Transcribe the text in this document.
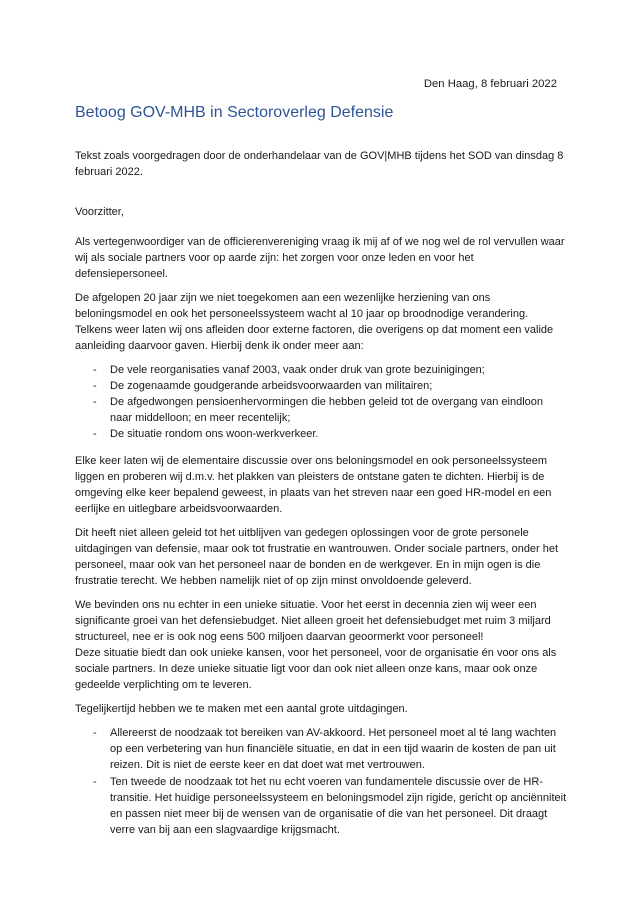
Den Haag, 8 februari 2022
Betoog GOV-MHB in Sectoroverleg Defensie

Tekst zoals voorgedragen door de onderhandelaar van de GOV|MHB tijdens het SOD van dinsdag 8 februari 2022.

Voorzitter,

Als vertegenwoordiger van de officierenvereniging vraag ik mij af of we nog wel de rol vervullen waar wij als sociale partners voor op aarde zijn: het zorgen voor onze leden en voor het defensiepersoneel.

De afgelopen 20 jaar zijn we niet toegekomen aan een wezenlijke herziening van ons beloningsmodel en ook het personeelssysteem wacht al 10 jaar op broodnodige verandering. Telkens weer laten wij ons afleiden door externe factoren, die overigens op dat moment een valide aanleiding daarvoor gaven. Hierbij denk ik onder meer aan:

- De vele reorganisaties vanaf 2003, vaak onder druk van grote bezuinigingen;
- De zogenaamde goudgerande arbeidsvoorwaarden van militairen;
- De afgedwongen pensioenhervormingen die hebben geleid tot de overgang van eindloon naar middelloon; en meer recentelijk;
- De situatie rondom ons woon-werkverkeer.

Elke keer laten wij de elementaire discussie over ons beloningsmodel en ook personeelssysteem liggen en proberen wij d.m.v. het plakken van pleisters de ontstane gaten te dichten. Hierbij is de omgeving elke keer bepalend geweest, in plaats van het streven naar een goed HR-model en een eerlijke en uitlegbare arbeidsvoorwaarden.

Dit heeft niet alleen geleid tot het uitblijven van gedegen oplossingen voor de grote personele uitdagingen van defensie, maar ook tot frustratie en wantrouwen. Onder sociale partners, onder het personeel, maar ook van het personeel naar de bonden en de werkgever. En in mijn ogen is die frustratie terecht. We hebben namelijk niet of op zijn minst onvoldoende geleverd.

We bevinden ons nu echter in een unieke situatie. Voor het eerst in decennia zien wij weer een significante groei van het defensiebudget. Niet alleen groeit het defensiebudget met ruim 3 miljard structureel, nee er is ook nog eens 500 miljoen daarvan geoormerkt voor personeel!

Deze situatie biedt dan ook unieke kansen, voor het personeel, voor de organisatie én voor ons als sociale partners. In deze unieke situatie ligt voor dan ook niet alleen onze kans, maar ook onze gedeelde verplichting om te leveren.

Tegelijkertijd hebben we te maken met een aantal grote uitdagingen.

- Allereerst de noodzaak tot bereiken van AV-akkoord. Het personeel moet al té lang wachten op een verbetering van hun financiële situatie, en dat in een tijd waarin de kosten de pan uit reizen. Dit is niet de eerste keer en dat doet wat met vertrouwen.
- Ten tweede de noodzaak tot het nu echt voeren van fundamentele discussie over de HR-transitie. Het huidige personeelssysteem en beloningsmodel zijn rigide, gericht op anciënniteit en passen niet meer bij de wensen van de organisatie of die van het personeel. Dit draagt verre van bij aan een slagvaardige krijgsmacht.
